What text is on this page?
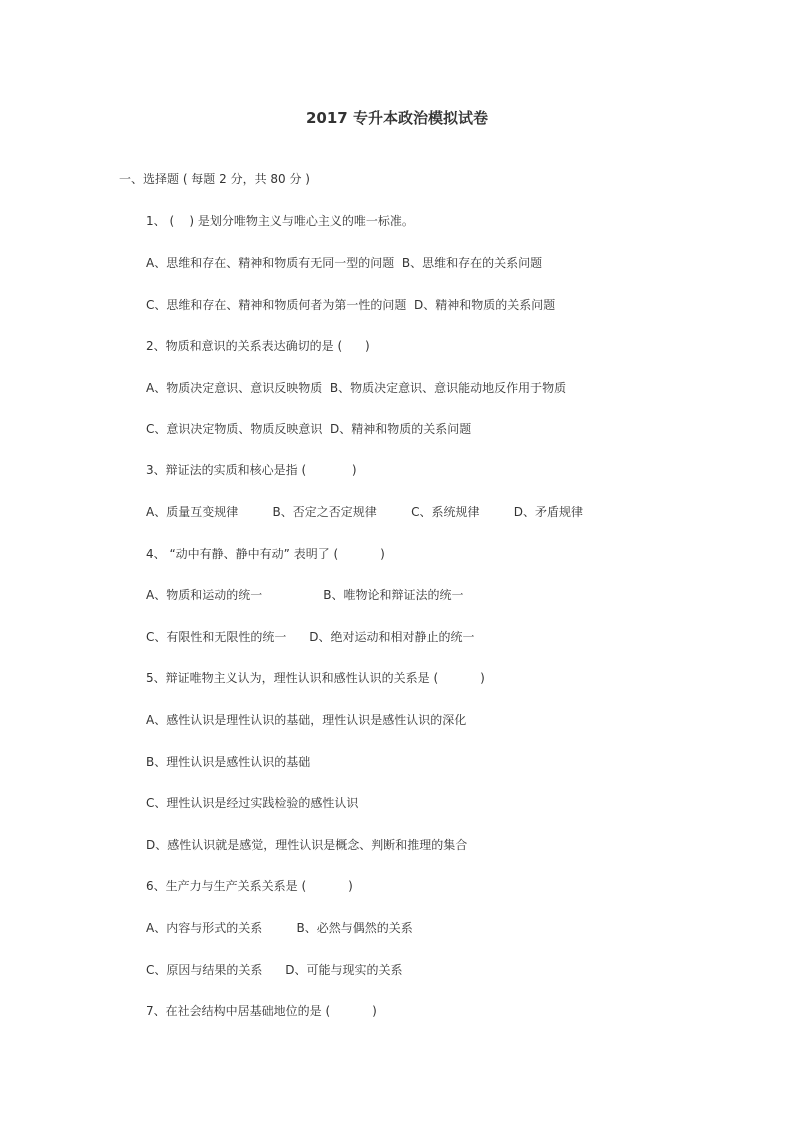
2017 专升本政治模拟试卷
一、选择题 ( 每题 2 分，共 80 分 )
1、 (    ) 是划分唯物主义与唯心主义的唯一标准。
A、思维和存在、精神和物质有无同一型的问题  B、思维和存在的关系问题
C、思维和存在、精神和物质何者为第一性的问题  D、精神和物质的关系问题
2、物质和意识的关系表达确切的是 (      )
A、物质决定意识、意识反映物质  B、物质决定意识、意识能动地反作用于物质
C、意识决定物质、物质反映意识  D、精神和物质的关系问题
3、辩证法的实质和核心是指 (            )
A、质量互变规律         B、否定之否定规律         C、系统规律         D、矛盾规律
4、 “动中有静、静中有动” 表明了 (           )
A、物质和运动的统一                B、唯物论和辩证法的统一
C、有限性和无限性的统一      D、绝对运动和相对静止的统一
5、辩证唯物主义认为，理性认识和感性认识的关系是 (           )
A、感性认识是理性认识的基础，理性认识是感性认识的深化
B、理性认识是感性认识的基础
C、理性认识是经过实践检验的感性认识
D、感性认识就是感觉，理性认识是概念、判断和推理的集合
6、生产力与生产关系关系是 (           )
A、内容与形式的关系         B、必然与偶然的关系
C、原因与结果的关系      D、可能与现实的关系
7、在社会结构中居基础地位的是 (           )
